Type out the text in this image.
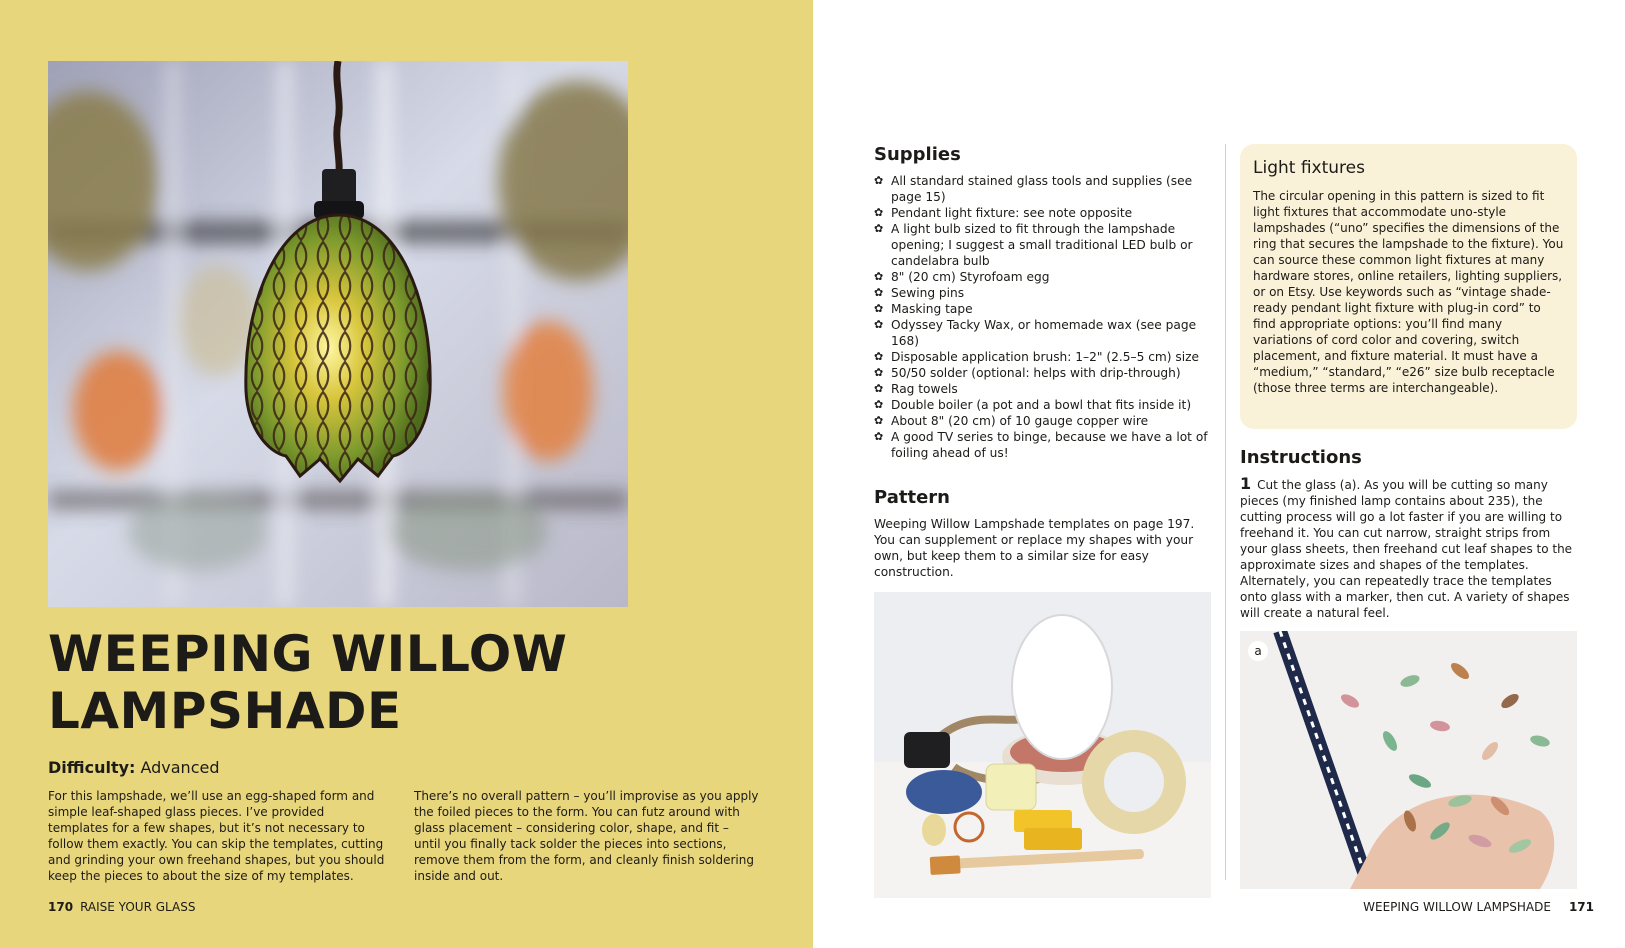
WEEPING WILLOW
LAMPSHADE
Difficulty: Advanced

For this lampshade, we’ll use an egg-shaped form and simple leaf-shaped glass pieces. I’ve provided templates for a few shapes, but it’s not necessary to follow them exactly. You can skip the templates, cutting and grinding your own freehand shapes, but you should keep the pieces to about the size of my templates.

There’s no overall pattern – you’ll improvise as you apply the foiled pieces to the form. You can futz around with glass placement – considering color, shape, and fit – until you finally tack solder the pieces into sections, remove them from the form, and cleanly finish soldering inside and out.

170 RAISE YOUR GLASS
Supplies
✿ All standard stained glass tools and supplies (see page 15)
✿ Pendant light fixture: see note opposite
✿ A light bulb sized to fit through the lampshade opening; I suggest a small traditional LED bulb or candelabra bulb
✿ 8" (20 cm) Styrofoam egg
✿ Sewing pins
✿ Masking tape
✿ Odyssey Tacky Wax, or homemade wax (see page 168)
✿ Disposable application brush: 1–2" (2.5–5 cm) size
✿ 50/50 solder (optional: helps with drip-through)
✿ Rag towels
✿ Double boiler (a pot and a bowl that fits inside it)
✿ About 8" (20 cm) of 10 gauge copper wire
✿ A good TV series to binge, because we have a lot of foiling ahead of us!
Pattern

Weeping Willow Lampshade templates on page 197. You can supplement or replace my shapes with your own, but keep them to a similar size for easy construction.

Light fixtures

The circular opening in this pattern is sized to fit light fixtures that accommodate uno-style lampshades (“uno” specifies the dimensions of the ring that secures the lampshade to the fixture). You can source these common light fixtures at many hardware stores, online retailers, lighting suppliers, or on Etsy. Use keywords such as “vintage shade-ready pendant light fixture with plug-in cord” to find appropriate options: you’ll find many variations of cord color and covering, switch placement, and fixture material. It must have a “medium,” “standard,” “e26” size bulb receptacle (those three terms are interchangeable).

Instructions

1 Cut the glass (a). As you will be cutting so many pieces (my finished lamp contains about 235), the cutting process will go a lot faster if you are willing to freehand it. You can cut narrow, straight strips from your glass sheets, then freehand cut leaf shapes to the approximate sizes and shapes of the templates. Alternately, you can repeatedly trace the templates onto glass with a marker, then cut. A variety of shapes will create a natural feel.

a
WEEPING WILLOW LAMPSHADE 171
